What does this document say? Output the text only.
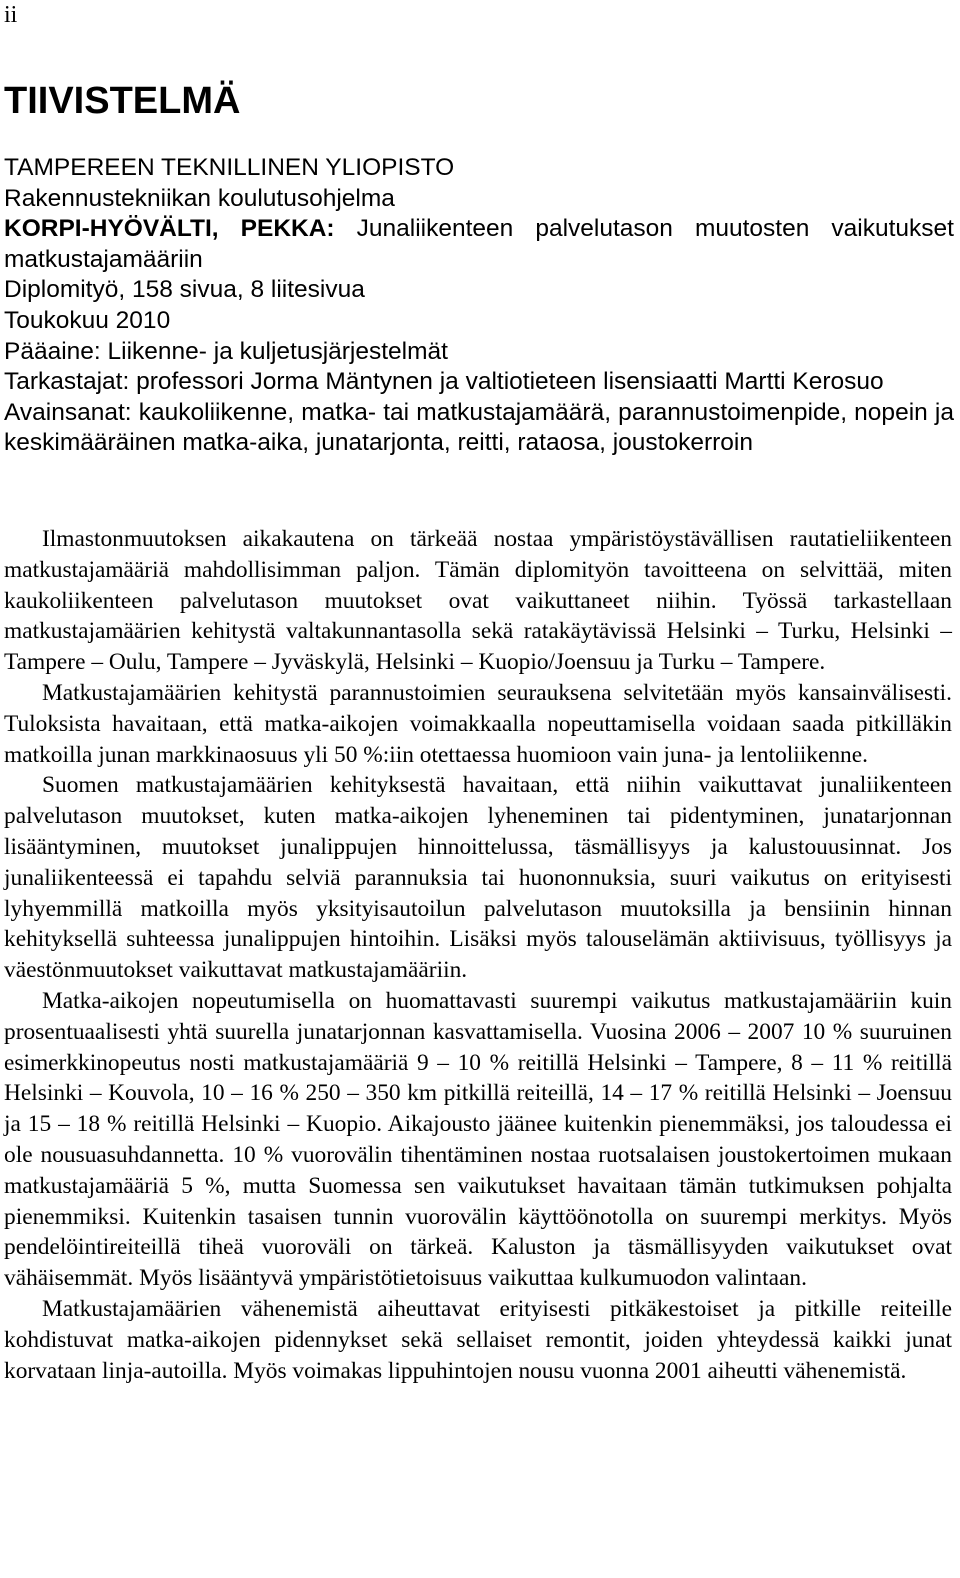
ii
TIIVISTELMÄ

TAMPEREEN TEKNILLINEN YLIOPISTO

Rakennustekniikan koulutusohjelma

KORPI-HYÖVÄLTI, PEKKA: Junaliikenteen palvelutason muutosten vaikutukset matkustajamääriin

Diplomityö, 158 sivua, 8 liitesivua

Toukokuu 2010

Pääaine: Liikenne- ja kuljetusjärjestelmät

Tarkastajat: professori Jorma Mäntynen ja valtiotieteen lisensiaatti Martti Kerosuo

Avainsanat: kaukoliikenne, matka- tai matkustajamäärä, parannustoimenpide, nopein ja keskimääräinen matka-aika, junatarjonta, reitti, rataosa, joustokerroin

Ilmastonmuutoksen aikakautena on tärkeää nostaa ympäristöystävällisen rautatieliikenteen matkustajamääriä mahdollisimman paljon. Tämän diplomityön tavoitteena on selvittää, miten kaukoliikenteen palvelutason muutokset ovat vaikuttaneet niihin. Työssä tarkastellaan matkustajamäärien kehitystä valtakunnantasolla sekä ratakäytävissä Helsinki – Turku, Helsinki – Tampere – Oulu, Tampere – Jyväskylä, Helsinki – Kuopio/Joensuu ja Turku – Tampere.

Matkustajamäärien kehitystä parannustoimien seurauksena selvitetään myös kansainvälisesti. Tuloksista havaitaan, että matka-aikojen voimakkaalla nopeuttamisella voidaan saada pitkilläkin matkoilla junan markkinaosuus yli 50 %:iin otettaessa huomioon vain juna- ja lentoliikenne.

Suomen matkustajamäärien kehityksestä havaitaan, että niihin vaikuttavat junaliikenteen palvelutason muutokset, kuten matka-aikojen lyheneminen tai pidentyminen, junatarjonnan lisääntyminen, muutokset junalippujen hinnoittelussa, täsmällisyys ja kalustouusinnat. Jos junaliikenteessä ei tapahdu selviä parannuksia tai huononnuksia, suuri vaikutus on erityisesti lyhyemmillä matkoilla myös yksityisautoilun palvelutason muutoksilla ja bensiinin hinnan kehityksellä suhteessa junalippujen hintoihin. Lisäksi myös talouselämän aktiivisuus, työllisyys ja väestönmuutokset vaikuttavat matkustajamääriin.

Matka-aikojen nopeutumisella on huomattavasti suurempi vaikutus matkustajamääriin kuin prosentuaalisesti yhtä suurella junatarjonnan kasvattamisella. Vuosina 2006 – 2007 10 % suuruinen esimerkkinopeutus nosti matkustajamääriä 9 – 10 % reitillä Helsinki – Tampere, 8 – 11 % reitillä Helsinki – Kouvola, 10 – 16 % 250 – 350 km pitkillä reiteillä, 14 – 17 % reitillä Helsinki – Joensuu ja 15 – 18 % reitillä Helsinki – Kuopio. Aikajousto jäänee kuitenkin pienemmäksi, jos taloudessa ei ole nousuasuhdannetta. 10 % vuorovälin tihentäminen nostaa ruotsalaisen joustokertoimen mukaan matkustajamääriä 5 %, mutta Suomessa sen vaikutukset havaitaan tämän tutkimuksen pohjalta pienemmiksi. Kuitenkin tasaisen tunnin vuorovälin käyttöönotolla on suurempi merkitys. Myös pendelöintireiteillä tiheä vuoroväli on tärkeä. Kaluston ja täsmällisyyden vaikutukset ovat vähäisemmät. Myös lisääntyvä ympäristötietoisuus vaikuttaa kulkumuodon valintaan.

Matkustajamäärien vähenemistä aiheuttavat erityisesti pitkäkestoiset ja pitkille reiteille kohdistuvat matka-aikojen pidennykset sekä sellaiset remontit, joiden yhteydessä kaikki junat korvataan linja-autoilla. Myös voimakas lippuhintojen nousu vuonna 2001 aiheutti vähenemistä.
